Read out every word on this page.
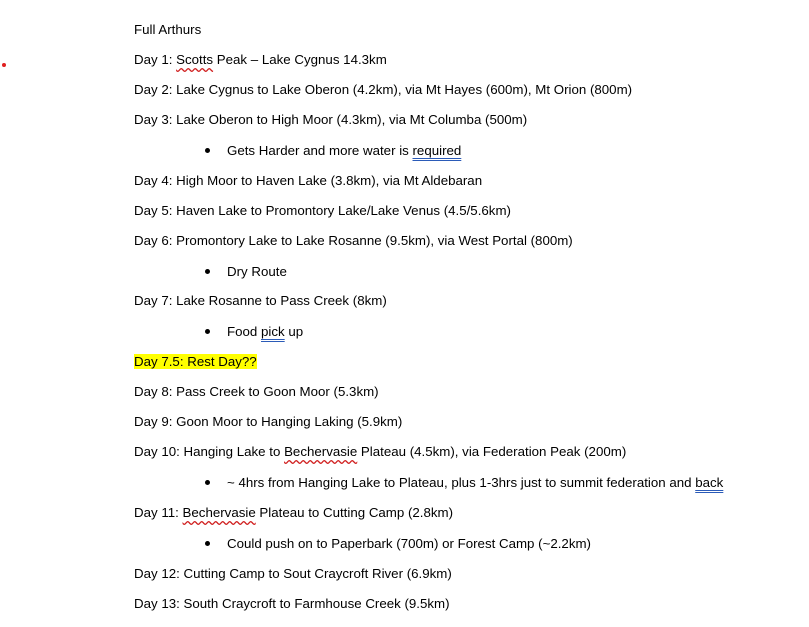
Full Arthurs
Day 1: Scotts Peak – Lake Cygnus 14.3km
Day 2: Lake Cygnus to Lake Oberon (4.2km), via Mt Hayes (600m), Mt Orion (800m)
Day 3: Lake Oberon to High Moor (4.3km), via Mt Columba (500m)
Gets Harder and more water is required
Day 4: High Moor to Haven Lake (3.8km), via Mt Aldebaran
Day 5: Haven Lake to Promontory Lake/Lake Venus (4.5/5.6km)
Day 6: Promontory Lake to Lake Rosanne (9.5km), via West Portal (800m)
Dry Route
Day 7: Lake Rosanne to Pass Creek (8km)
Food pick up
Day 7.5: Rest Day??
Day 8: Pass Creek to Goon Moor (5.3km)
Day 9: Goon Moor to Hanging Laking (5.9km)
Day 10: Hanging Lake to Bechervasie Plateau (4.5km), via Federation Peak (200m)
~ 4hrs from Hanging Lake to Plateau, plus 1-3hrs just to summit federation and back
Day 11: Bechervasie Plateau to Cutting Camp (2.8km)
Could push on to Paperbark (700m) or Forest Camp (~2.2km)
Day 12: Cutting Camp to Sout Craycroft River (6.9km)
Day 13: South Craycroft to Farmhouse Creek (9.5km)
